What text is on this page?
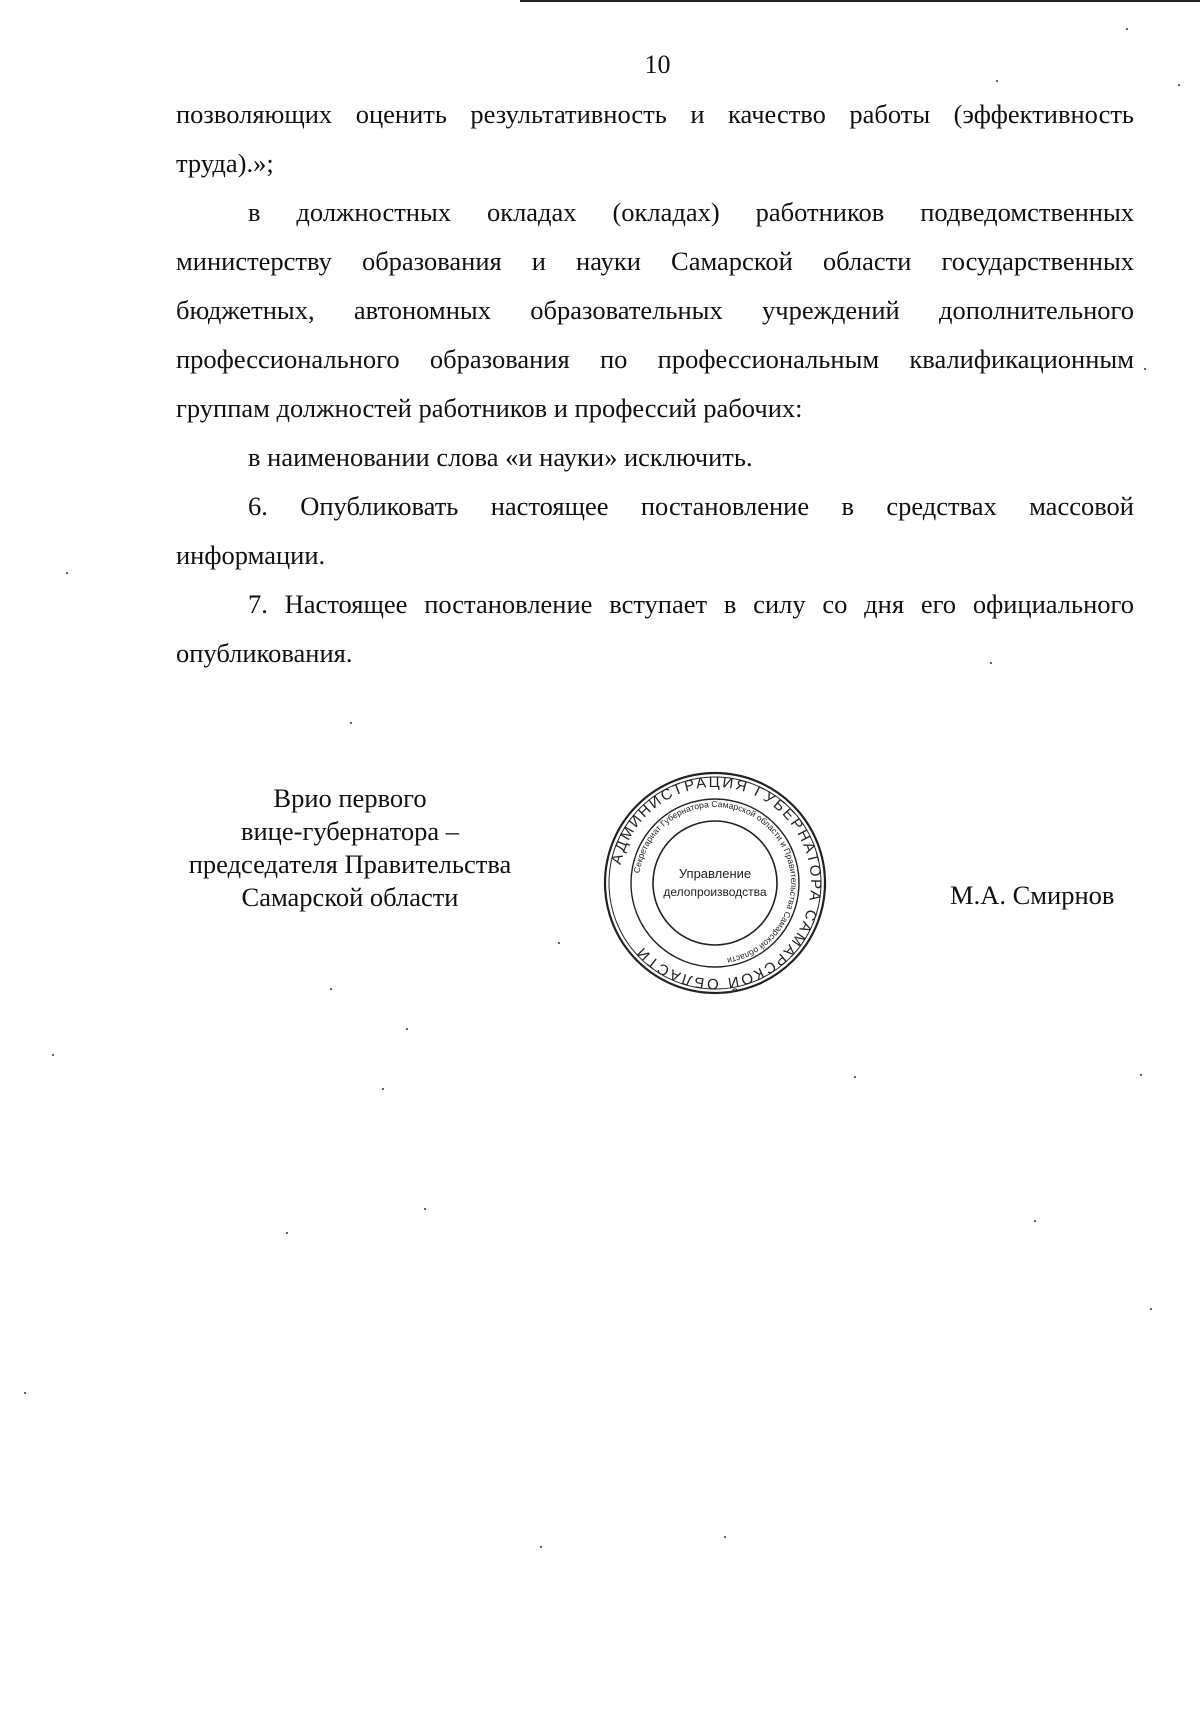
10

позволяющих оценить результативность и качество работы (эффективность труда).»;

в должностных окладах (окладах) работников подведомственных министерству образования и науки Самарской области государственных бюджетных, автономных образовательных учреждений дополнительного профессионального образования по профессиональным квалификационным группам должностей работников и профессий рабочих:

в наименовании слова «и науки» исключить.

6. Опубликовать настоящее постановление в средствах массовой информации.

7. Настоящее постановление вступает в силу со дня его официального опубликования.

Врио первого
вице-губернатора –
председателя Правительства
Самарской области
АДМИНИСТРАЦИЯ ГУБЕРНАТОРА САМАРСКОЙ ОБЛАСТИ
Секретариат Губернатора Самарской области и Правительства Самарской области
Управление
делопроизводства	М.А. Смирнов
